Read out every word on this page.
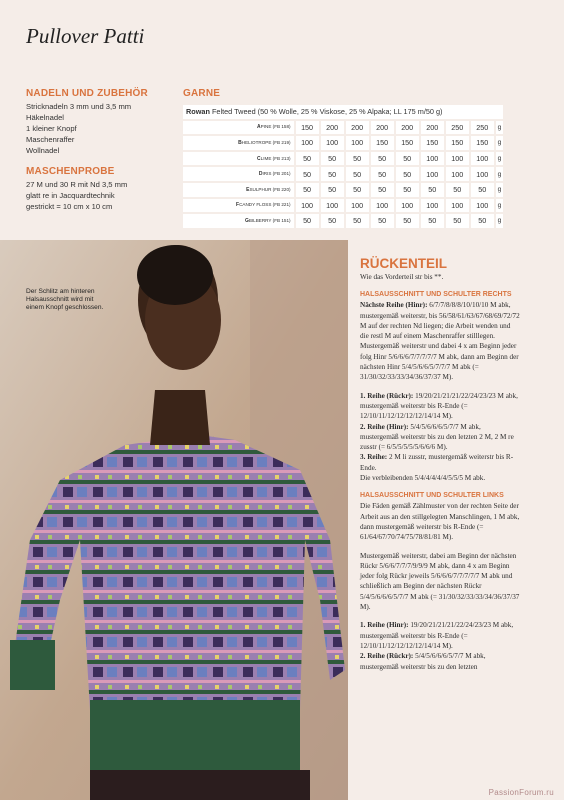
Pullover Patti
NADELN UND ZUBEHÖR
Stricknadeln 3 mm und 3,5 mm
Häkelnadel
1 kleiner Knopf
Maschenraffer
Wollnadel
MASCHENPROBE
27 M und 30 R mit Nd 3,5 mm
glatt re in Jacquardtechnik
gestrickt = 10 cm x 10 cm
GARNE
Rowan Felted Tweed (50 % Wolle, 25 % Viskose, 25 % Alpaka; LL 175 m/50 g)									
APINE (FB 158)	150	200	200	200	200	200	250	250	g
BHELIOTROPE (FB 219)	100	100	100	150	150	150	150	150	g
CLIME (FB 213)	50	50	50	50	50	100	100	100	g
DIRIS (FB 201)	50	50	50	50	50	100	100	100	g
ESULPHUR (FB 220)	50	50	50	50	50	50	50	50	g
FCANDY FLOSS (FB 221)	100	100	100	100	100	100	100	100	g
GBILBERRY (FB 151)	50	50	50	50	50	50	50	50	g
Der Schlitz am hinteren Halsausschnitt wird mit einem Knopf geschlossen.
RÜCKENTEIL

Wie das Vorderteil str bis **.

HALSAUSSCHNITT UND SCHULTER RECHTS

Nächste Reihe (Hinr): 6/7/7/8/8/8/10/10/10 M abk, mustergemäß weiterstr, bis 56/58/61/63/67/68/69/72/72 M auf der rechten Nd liegen; die Arbeit wenden und die restl M auf einem Maschenraffer stilllegen. Mustergemäß weiterstr und dabei 4 x am Beginn jeder folg Hinr 5/6/6/6/7/7/7/7/7 M abk, dann am Beginn der nächsten Hinr 5/4/5/6/6/5/7/7/7 M abk (= 31/30/32/33/33/34/36/37/37 M).

1. Reihe (Rückr): 19/20/21/21/21/22/24/23/23 M abk, mustergemäß weiterstr bis R-Ende (= 12/10/11/12/12/12/12/14/14 M).

2. Reihe (Hinr): 5/4/5/6/6/6/5/7/7 M abk, mustergemäß weiterstr bis zu den letzten 2 M, 2 M re zusstr (= 6/5/5/5/5/5/6/6/6 M).

3. Reihe: 2 M li zusstr, mustergemäß weiterstr bis R-Ende.

Die verbleibenden 5/4/4/4/4/4/5/5/5 M abk.

HALSAUSSCHNITT UND SCHULTER LINKS

Die Fäden gemäß Zählmuster von der rechten Seite der Arbeit aus an den stillgelegten Manschlingen, 1 M abk, dann mustergemäß weiterstr bis R-Ende (= 61/64/67/70/74/75/78/81/81 M).

Mustergemäß weiterstr, dabei am Beginn der nächsten Rückr 5/6/6/7/7/7/9/9/9 M abk, dann 4 x am Beginn jeder folg Rückr jeweils 5/6/6/6/7/7/7/7/7 M abk und schließlich am Beginn der nächsten Rückr 5/4/5/6/6/6/5/7/7 M abk (= 31/30/32/33/33/34/36/37/37 M).

1. Reihe (Hinr): 19/20/21/21/21/22/24/23/23 M abk, mustergemäß weiterstr bis R-Ende (= 12/10/11/12/12/12/12/14/14 M).

2. Reihe (Rückr): 5/4/5/6/6/6/5/7/7 M abk, mustergemäß weiterstr bis zu den letzten

PassionForum.ru
